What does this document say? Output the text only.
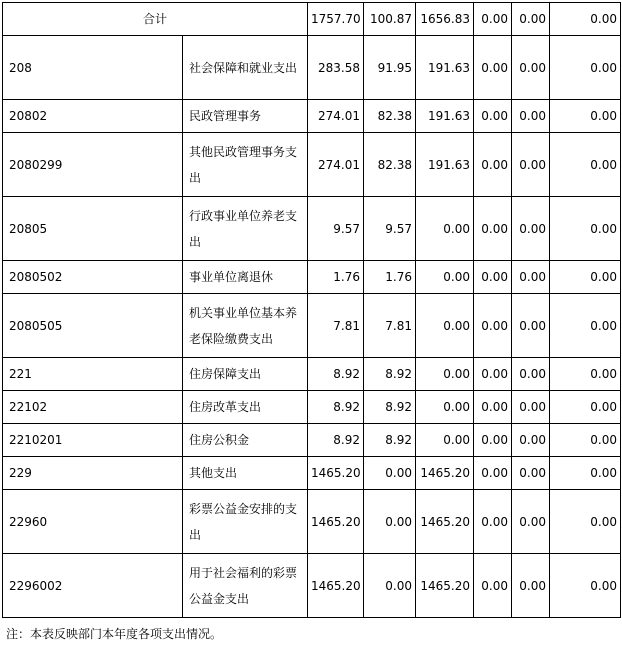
合计		1757.70	100.87	1656.83	0.00	0.00	0.00
208	社会保障和就业支出	283.58	91.95	191.63	0.00	0.00	0.00
20802	民政管理事务	274.01	82.38	191.63	0.00	0.00	0.00
2080299	其他民政管理事务支出	274.01	82.38	191.63	0.00	0.00	0.00
20805	行政事业单位养老支出	9.57	9.57	0.00	0.00	0.00	0.00
2080502	事业单位离退休	1.76	1.76	0.00	0.00	0.00	0.00
2080505	机关事业单位基本养老保险缴费支出	7.81	7.81	0.00	0.00	0.00	0.00
221	住房保障支出	8.92	8.92	0.00	0.00	0.00	0.00
22102	住房改革支出	8.92	8.92	0.00	0.00	0.00	0.00
2210201	住房公积金	8.92	8.92	0.00	0.00	0.00	0.00
229	其他支出	1465.20	0.00	1465.20	0.00	0.00	0.00
22960	彩票公益金安排的支出	1465.20	0.00	1465.20	0.00	0.00	0.00
2296002	用于社会福利的彩票公益金支出	1465.20	0.00	1465.20	0.00	0.00	0.00
注：本表反映部门本年度各项支出情况。
